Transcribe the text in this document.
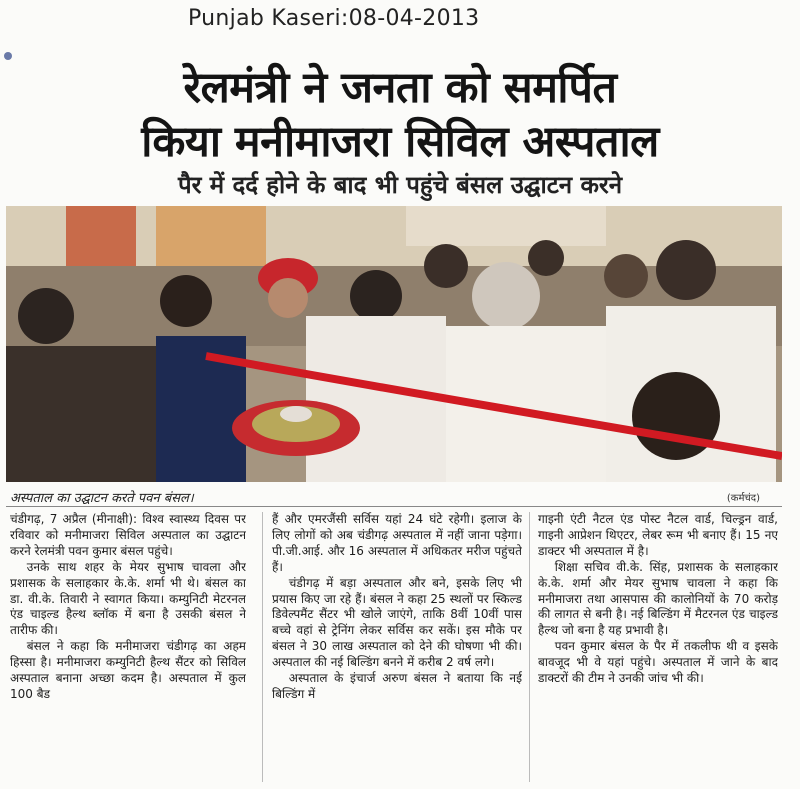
Punjab Kaseri:08-04-2013
रेलमंत्री ने जनता को समर्पित
किया मनीमाजरा सिविल अस्पताल
पैर में दर्द होने के बाद भी पहुंचे बंसल उद्घाटन करने
अस्पताल का उद्घाटन करते पवन बंसल।	(कर्मचंद)

चंडीगढ़, 7 अप्रैल (मीनाक्षी): विश्व स्वास्थ्य दिवस पर रविवार को मनीमाजरा सिविल अस्पताल का उद्घाटन करने रेलमंत्री पवन कुमार बंसल पहुंचे।

उनके साथ शहर के मेयर सुभाष चावला और प्रशासक के सलाहकार के.के. शर्मा भी थे। बंसल का डा. वी.के. तिवारी ने स्वागत किया। कम्युनिटी मेटरनल एंड चाइल्ड हैल्थ ब्लॉक में बना है उसकी बंसल ने तारीफ की।

बंसल ने कहा कि मनीमाजरा चंडीगढ़ का अहम हिस्सा है। मनीमाजरा कम्युनिटी हैल्थ सैंटर को सिविल अस्पताल बनाना अच्छा कदम है। अस्पताल में कुल 100 बैड

हैं और एमरजैंसी सर्विस यहां 24 घंटे रहेगी। इलाज के लिए लोगों को अब चंडीगढ़ अस्पताल में नहीं जाना पड़ेगा। पी.जी.आई. और 16 अस्पताल में अधिकतर मरीज पहुंचते हैं।

चंडीगढ़ में बड़ा अस्पताल और बने, इसके लिए भी प्रयास किए जा रहे हैं। बंसल ने कहा 25 स्थलों पर स्किल्ड डिवेल्पमैंट सैंटर भी खोले जाएंगे, ताकि 8वीं 10वीं पास बच्चे वहां से ट्रेनिंग लेकर सर्विस कर सकें। इस मौके पर बंसल ने 30 लाख अस्पताल को देने की घोषणा भी की। अस्पताल की नई बिल्डिंग बनने में करीब 2 वर्ष लगे।

अस्पताल के इंचार्ज अरुण बंसल ने बताया कि नई बिल्डिंग में

गाइनी एंटी नैटल एंड पोस्ट नैटल वार्ड, चिल्ड्रन वार्ड, गाइनी आप्रेशन थिएटर, लेबर रूम भी बनाए हैं। 15 नए डाक्टर भी अस्पताल में है।

शिक्षा सचिव वी.के. सिंह, प्रशासक के सलाहकार के.के. शर्मा और मेयर सुभाष चावला ने कहा कि मनीमाजरा तथा आसपास की कालोनियों के 70 करोड़ की लागत से बनी है। नई बिल्डिंग में मैटरनल एंड चाइल्ड हैल्थ जो बना है यह प्रभावी है।

पवन कुमार बंसल के पैर में तकलीफ थी व इसके बावजूद भी वे यहां पहुंचे। अस्पताल में जाने के बाद डाक्टरों की टीम ने उनकी जांच भी की।
